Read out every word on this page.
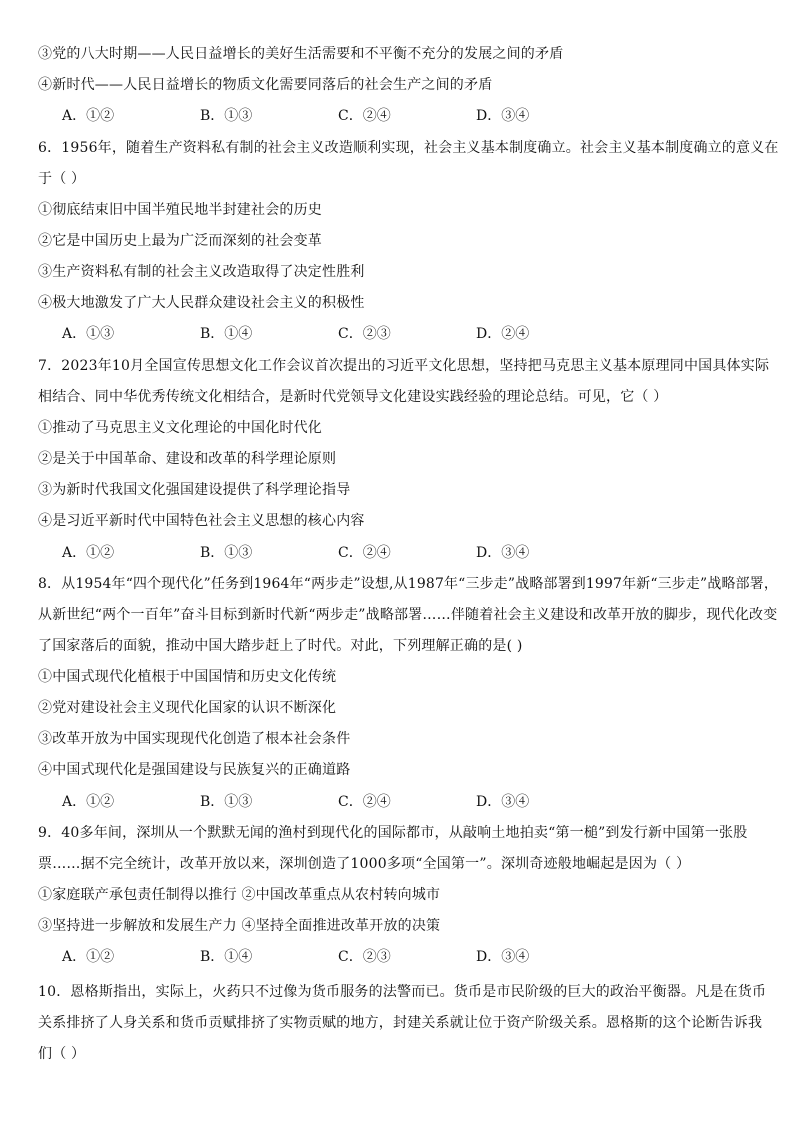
③党的八大时期——人民日益增长的美好生活需要和不平衡不充分的发展之间的矛盾
④新时代——人民日益增长的物质文化需要同落后的社会生产之间的矛盾
A．①②	B．①③	C．②④	D．③④
6．1956年，随着生产资料私有制的社会主义改造顺利实现，社会主义基本制度确立。社会主义基本制度确立的意义在
于（ ）
①彻底结束旧中国半殖民地半封建社会的历史
②它是中国历史上最为广泛而深刻的社会变革
③生产资料私有制的社会主义改造取得了决定性胜利
④极大地激发了广大人民群众建设社会主义的积极性
A．①③	B．①④	C．②③	D．②④
7．2023年10月全国宣传思想文化工作会议首次提出的习近平文化思想，坚持把马克思主义基本原理同中国具体实际
相结合、同中华优秀传统文化相结合，是新时代党领导文化建设实践经验的理论总结。可见，它（ ）
①推动了马克思主义文化理论的中国化时代化
②是关于中国革命、建设和改革的科学理论原则
③为新时代我国文化强国建设提供了科学理论指导
④是习近平新时代中国特色社会主义思想的核心内容
A．①②	B．①③	C．②④	D．③④
8．从1954年“四个现代化”任务到1964年“两步走”设想,从1987年“三步走”战略部署到1997年新“三步走”战略部署，
从新世纪“两个一百年”奋斗目标到新时代新“两步走”战略部署……伴随着社会主义建设和改革开放的脚步，现代化改变
了国家落后的面貌，推动中国大踏步赶上了时代。对此，下列理解正确的是( )
①中国式现代化植根于中国国情和历史文化传统
②党对建设社会主义现代化国家的认识不断深化
③改革开放为中国实现现代化创造了根本社会条件
④中国式现代化是强国建设与民族复兴的正确道路
A．①②	B．①③	C．②④	D．③④
9．40多年间，深圳从一个默默无闻的渔村到现代化的国际都市，从敲响土地拍卖“第一槌”到发行新中国第一张股
票……据不完全统计，改革开放以来，深圳创造了1000多项“全国第一”。深圳奇迹般地崛起是因为（ ）
①家庭联产承包责任制得以推行 ②中国改革重点从农村转向城市
③坚持进一步解放和发展生产力 ④坚持全面推进改革开放的决策
A．①②	B．①④	C．②③	D．③④
10．恩格斯指出，实际上，火药只不过像为货币服务的法警而已。货币是市民阶级的巨大的政治平衡器。凡是在货币
关系排挤了人身关系和货币贡赋排挤了实物贡赋的地方，封建关系就让位于资产阶级关系。恩格斯的这个论断告诉我
们（ ）
